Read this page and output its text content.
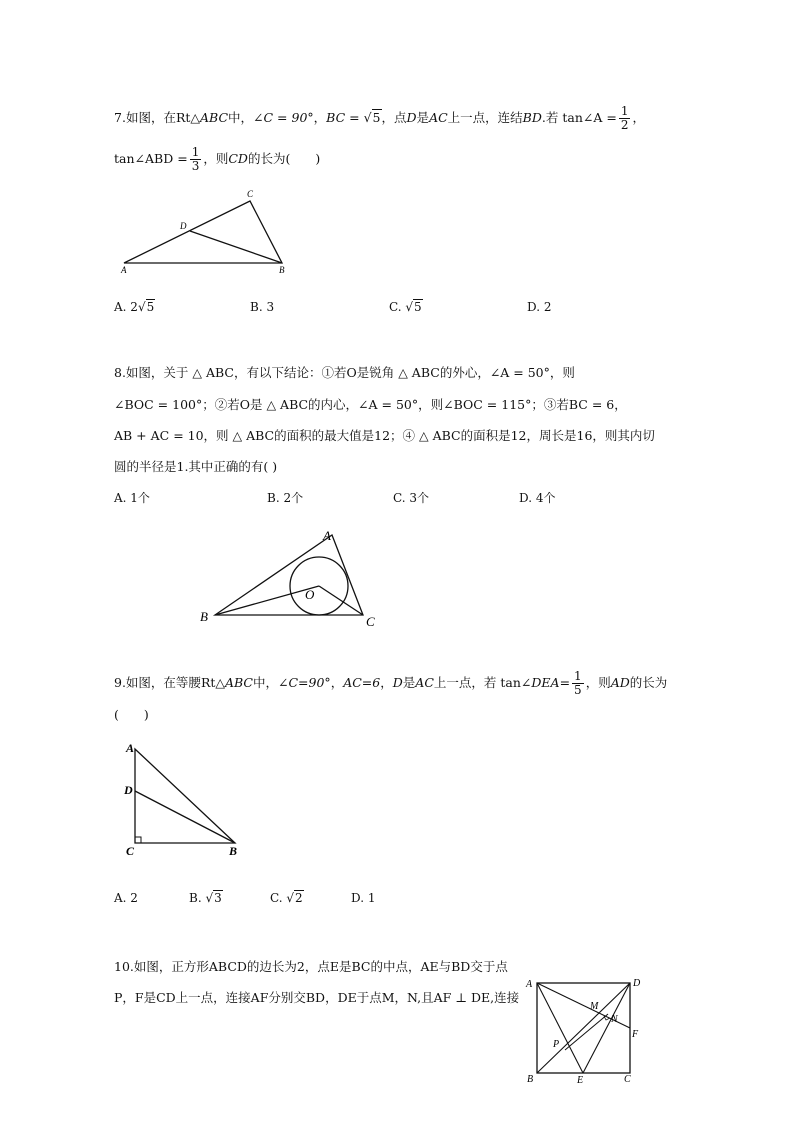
7.如图，在Rt△ABC中，∠C = 90°，BC = √5，点D是AC上一点，连结BD.若 tan∠A = $\frac{1}{2}$ ，
tan∠ABD = $\frac{1}{3}$ ，则CD的长为(　　)
A	B
C
D
A. 2√5	B. 3	C. √5	D. 2
8.如图，关于 △ ABC，有以下结论：①若O是锐角 △ ABC的外心，∠A = 50°，则
∠BOC = 100°；②若O是 △ ABC的内心，∠A = 50°，则∠BOC = 115°；③若BC = 6，
AB + AC = 10，则 △ ABC的面积的最大值是12；④ △ ABC的面积是12，周长是16，则其内切
圆的半径是1.其中正确的有( )
A. 1个	B. 2个	C. 3个	D. 4个
B
A
C
O
9.如图，在等腰Rt△ABC中，∠C=90°，AC=6，D是AC上一点，若 tan∠DEA= $\frac{1}{5}$ ，则AD的长为
(　　)
A
D
C	B
A. 2	B. √3	C. √2	D. 1
10.如图，正方形ABCD的边长为2，点E是BC的中点，AE与BD交于点
P，F是CD上一点，连接AF分别交BD，DE于点M，N,且AF ⊥ DE,连接
A	D
B	C
E
F
M
N
P
